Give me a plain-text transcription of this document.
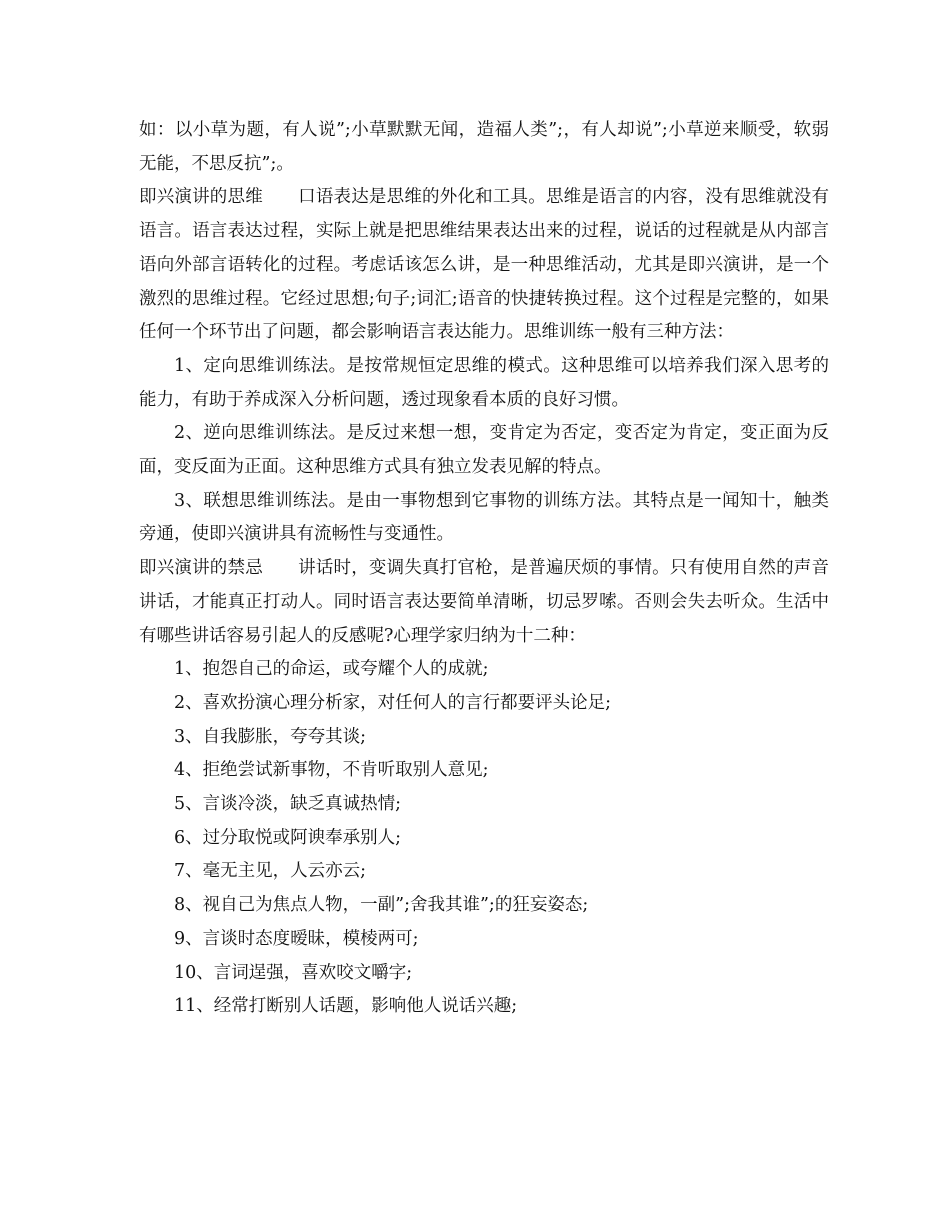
如：以小草为题，有人说”;小草默默无闻，造福人类”;，有人却说”;小草逆来顺受，软弱无能，不思反抗”;。

即兴演讲的思维 口语表达是思维的外化和工具。思维是语言的内容，没有思维就没有语言。语言表达过程，实际上就是把思维结果表达出来的过程，说话的过程就是从内部言语向外部言语转化的过程。考虑话该怎么讲，是一种思维活动，尤其是即兴演讲，是一个激烈的思维过程。它经过思想;句子;词汇;语音的快捷转换过程。这个过程是完整的，如果任何一个环节出了问题，都会影响语言表达能力。思维训练一般有三种方法：

1、定向思维训练法。是按常规恒定思维的模式。这种思维可以培养我们深入思考的能力，有助于养成深入分析问题，透过现象看本质的良好习惯。

2、逆向思维训练法。是反过来想一想，变肯定为否定，变否定为肯定，变正面为反面，变反面为正面。这种思维方式具有独立发表见解的特点。

3、联想思维训练法。是由一事物想到它事物的训练方法。其特点是一闻知十，触类旁通，使即兴演讲具有流畅性与变通性。

即兴演讲的禁忌 讲话时，变调失真打官枪，是普遍厌烦的事情。只有使用自然的声音讲话，才能真正打动人。同时语言表达要简单清晰，切忌罗嗦。否则会失去听众。生活中有哪些讲话容易引起人的反感呢?心理学家归纳为十二种：

1、抱怨自己的命运，或夸耀个人的成就;

2、喜欢扮演心理分析家，对任何人的言行都要评头论足;

3、自我膨胀，夸夸其谈;

4、拒绝尝试新事物，不肯听取别人意见;

5、言谈冷淡，缺乏真诚热情;

6、过分取悦或阿谀奉承别人;

7、毫无主见，人云亦云;

8、视自己为焦点人物，一副”;舍我其谁”;的狂妄姿态;

9、言谈时态度暧昧，模棱两可;

10、言词逞强，喜欢咬文嚼字;

11、经常打断别人话题，影响他人说话兴趣;
